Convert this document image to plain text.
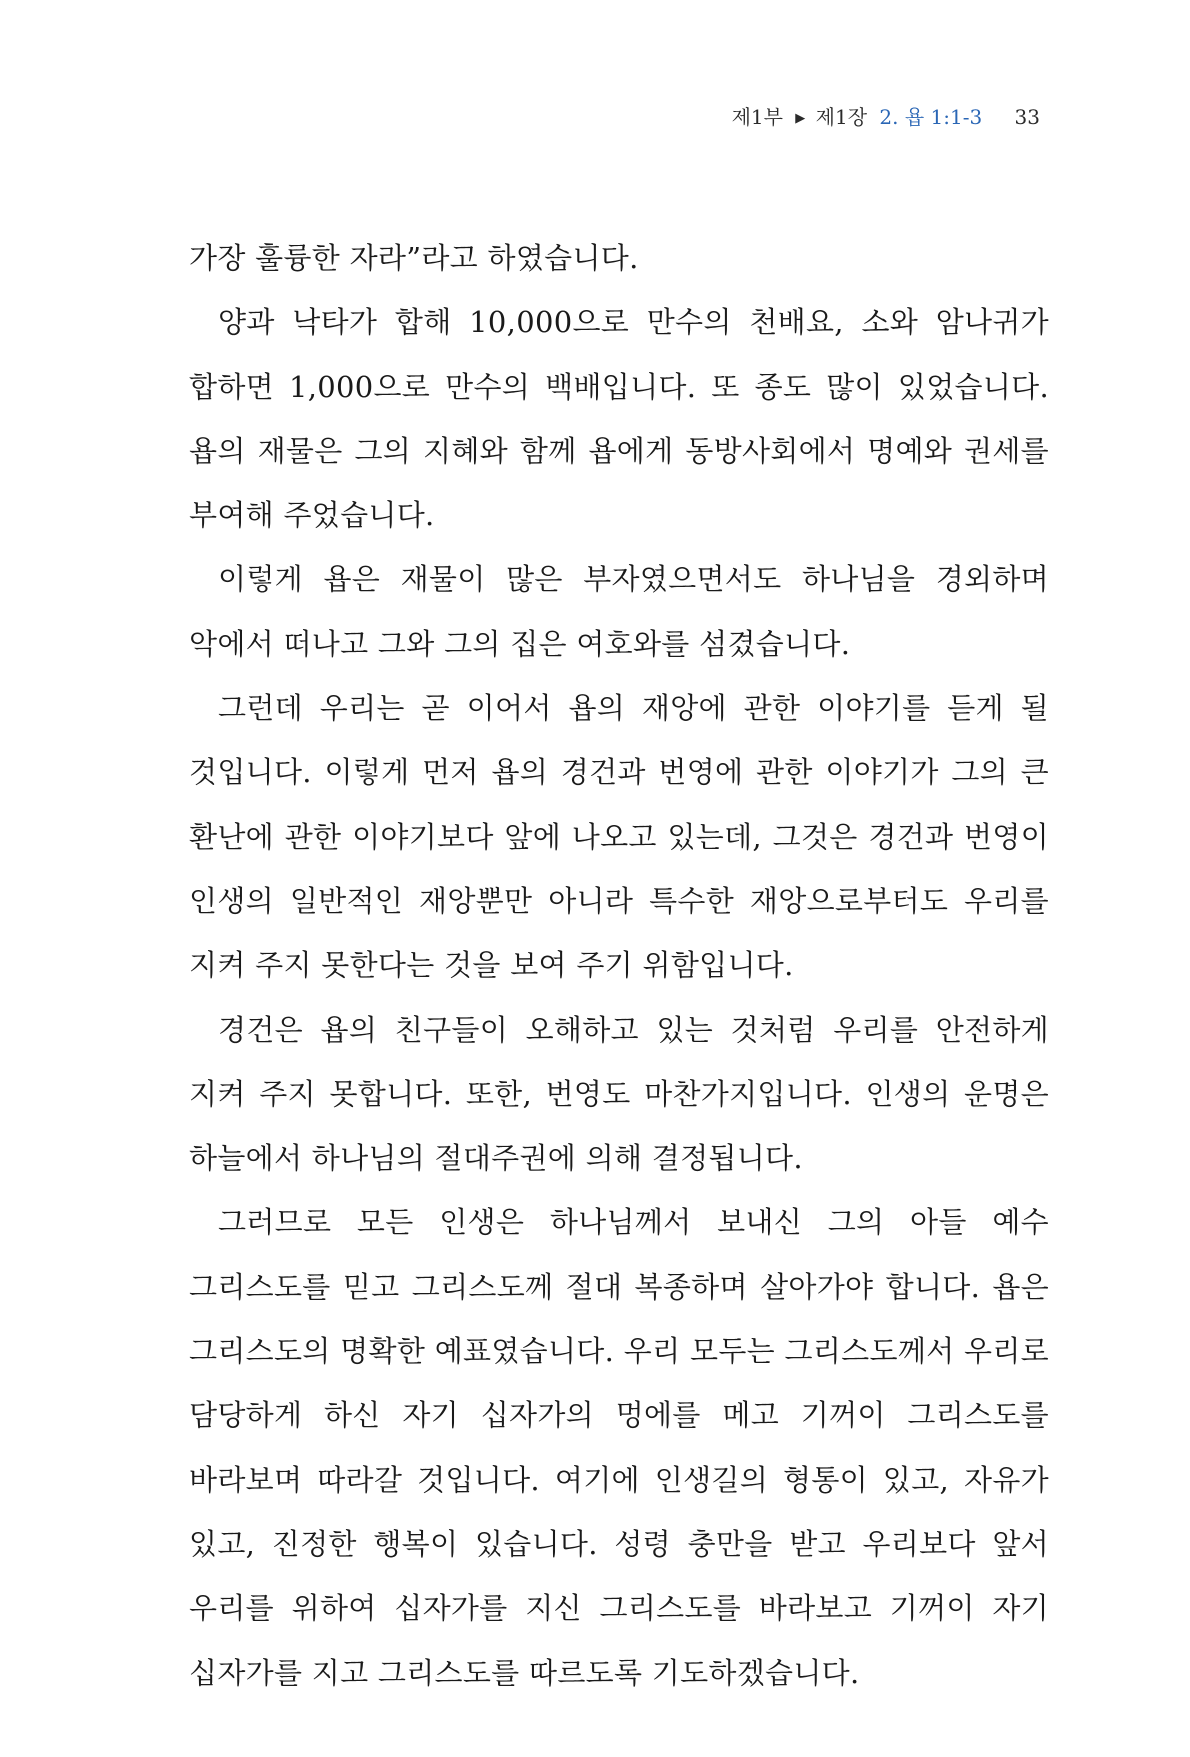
제1부 ▶ 제1장 2. 욥 1:1-3 33

가장 훌륭한 자라”라고 하였습니다.

양과 낙타가 합해 10,000으로 만수의 천배요, 소와 암나귀가 합하면 1,000으로 만수의 백배입니다. 또 종도 많이 있었습니다. 욥의 재물은 그의 지혜와 함께 욥에게 동방사회에서 명예와 권세를 부여해 주었습니다.

이렇게 욥은 재물이 많은 부자였으면서도 하나님을 경외하며 악에서 떠나고 그와 그의 집은 여호와를 섬겼습니다.

그런데 우리는 곧 이어서 욥의 재앙에 관한 이야기를 듣게 될 것입니다. 이렇게 먼저 욥의 경건과 번영에 관한 이야기가 그의 큰 환난에 관한 이야기보다 앞에 나오고 있는데, 그것은 경건과 번영이 인생의 일반적인 재앙뿐만 아니라 특수한 재앙으로부터도 우리를 지켜 주지 못한다는 것을 보여 주기 위함입니다.

경건은 욥의 친구들이 오해하고 있는 것처럼 우리를 안전하게 지켜 주지 못합니다. 또한, 번영도 마찬가지입니다. 인생의 운명은 하늘에서 하나님의 절대주권에 의해 결정됩니다.

그러므로 모든 인생은 하나님께서 보내신 그의 아들 예수 그리스도를 믿고 그리스도께 절대 복종하며 살아가야 합니다. 욥은 그리스도의 명확한 예표였습니다. 우리 모두는 그리스도께서 우리로 담당하게 하신 자기 십자가의 멍에를 메고 기꺼이 그리스도를 바라보며 따라갈 것입니다. 여기에 인생길의 형통이 있고, 자유가 있고, 진정한 행복이 있습니다. 성령 충만을 받고 우리보다 앞서 우리를 위하여 십자가를 지신 그리스도를 바라보고 기꺼이 자기 십자가를 지고 그리스도를 따르도록 기도하겠습니다.
